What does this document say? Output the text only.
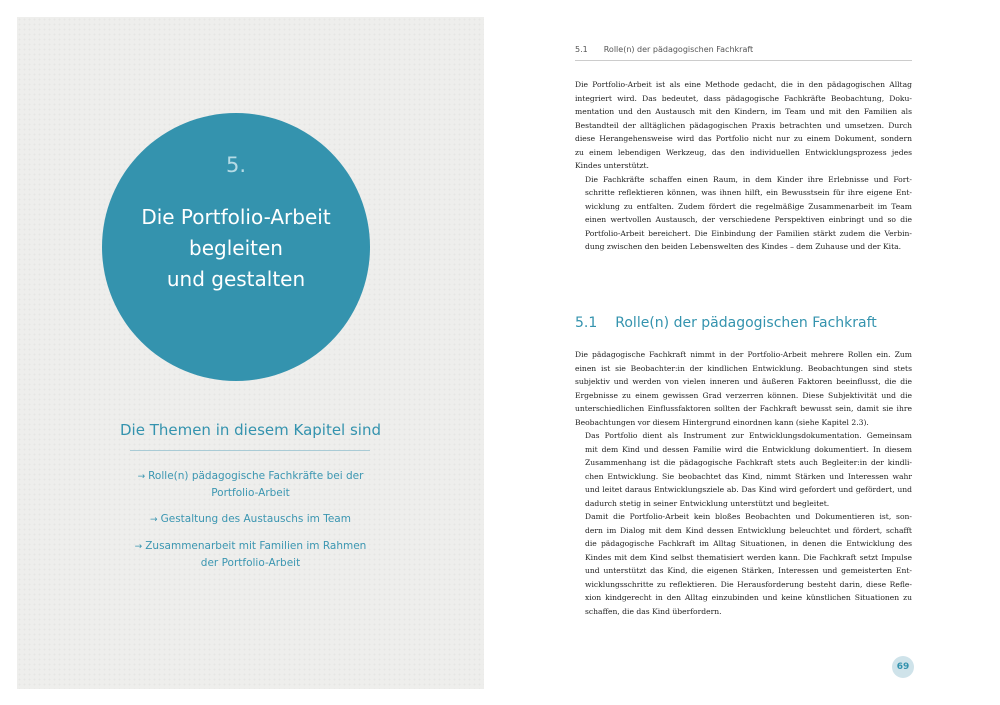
5.
Die Portfolio-Arbeit
begleiten
und gestalten
Die Themen in diesem Kapitel sind
→ Rolle(n) pädagogische Fachkräfte bei der
Portfolio-Arbeit
→ Gestaltung des Austauschs im Team
→ Zusammenarbeit mit Familien im Rahmen
der Portfolio-Arbeit
5.1 Rolle(n) der pädagogischen Fachkraft

Die Portfolio-Arbeit ist als eine Methode gedacht, die in den pädagogischen Alltag
integriert wird. Das bedeutet, dass pädagogische Fachkräfte Beobachtung, Doku-
mentation und den Austausch mit den Kindern, im Team und mit den Familien als
Bestandteil der alltäglichen pädagogischen Praxis betrachten und umsetzen. Durch
diese Herangehensweise wird das Portfolio nicht nur zu einem Dokument, sondern
zu einem lebendigen Werkzeug, das den individuellen Entwicklungsprozess jedes
Kindes unterstützt.

Die Fachkräfte schaffen einen Raum, in dem Kinder ihre Erlebnisse und Fort-
schritte reflektieren können, was ihnen hilft, ein Bewusstsein für ihre eigene Ent-
wicklung zu entfalten. Zudem fördert die regelmäßige Zusammenarbeit im Team
einen wertvollen Austausch, der verschiedene Perspektiven einbringt und so die
Portfolio-Arbeit bereichert. Die Einbindung der Familien stärkt zudem die Verbin-
dung zwischen den beiden Lebenswelten des Kindes – dem Zuhause und der Kita.

5.1 Rolle(n) der pädagogischen Fachkraft

Die pädagogische Fachkraft nimmt in der Portfolio-Arbeit mehrere Rollen ein. Zum
einen ist sie Beobachter:in der kindlichen Entwicklung. Beobachtungen sind stets
subjektiv und werden von vielen inneren und äußeren Faktoren beeinflusst, die die
Ergebnisse zu einem gewissen Grad verzerren können. Diese Subjektivität und die
unterschiedlichen Einflussfaktoren sollten der Fachkraft bewusst sein, damit sie ihre
Beobachtungen vor diesem Hintergrund einordnen kann (siehe Kapitel 2.3).

Das Portfolio dient als Instrument zur Entwicklungsdokumentation. Gemeinsam
mit dem Kind und dessen Familie wird die Entwicklung dokumentiert. In diesem
Zusammenhang ist die pädagogische Fachkraft stets auch Begleiter:in der kindli-
chen Entwicklung. Sie beobachtet das Kind, nimmt Stärken und Interessen wahr
und leitet daraus Entwicklungsziele ab. Das Kind wird gefordert und gefördert, und
dadurch stetig in seiner Entwicklung unterstützt und begleitet.

Damit die Portfolio-Arbeit kein bloßes Beobachten und Dokumentieren ist, son-
dern im Dialog mit dem Kind dessen Entwicklung beleuchtet und fördert, schafft
die pädagogische Fachkraft im Alltag Situationen, in denen die Entwicklung des
Kindes mit dem Kind selbst thematisiert werden kann. Die Fachkraft setzt Impulse
und unterstützt das Kind, die eigenen Stärken, Interessen und gemeisterten Ent-
wicklungsschritte zu reflektieren. Die Herausforderung besteht darin, diese Refle-
xion kindgerecht in den Alltag einzubinden und keine künstlichen Situationen zu
schaffen, die das Kind überfordern.

69
